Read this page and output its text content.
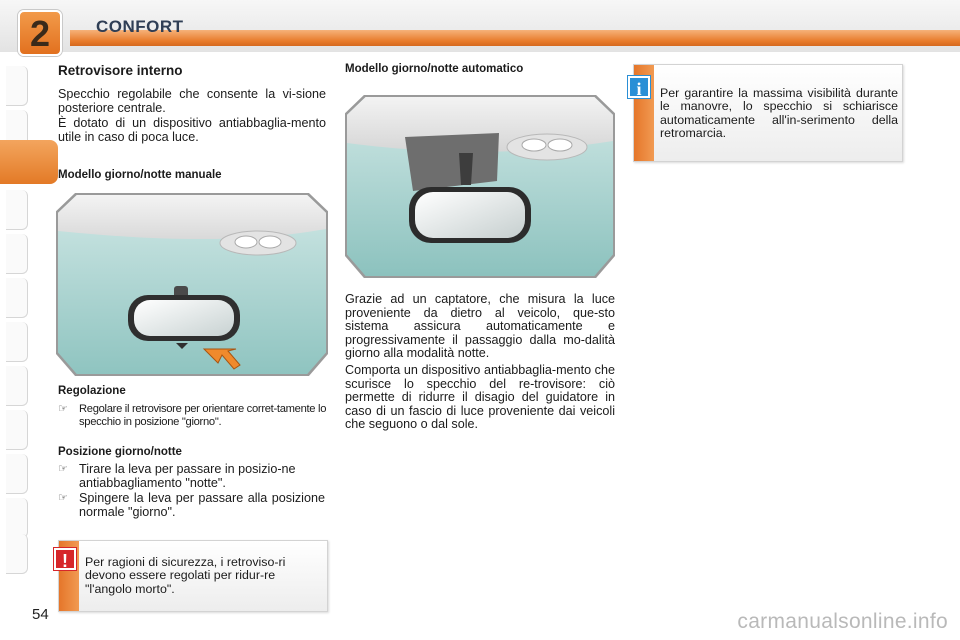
2	CONFORT
Retrovisore interno
Specchio regolabile che consente la vi-sione posteriore centrale.
È dotato di un dispositivo antiabbaglia-mento utile in caso di poca luce.
Modello giorno/notte manuale
Regolazione
☞ Regolare il retrovisore per orientare corret-tamente lo specchio in posizione "giorno".
Posizione giorno/notte
☞ Tirare la leva per passare in posizio-ne antiabbagliamento "notte".
☞ Spingere la leva per passare alla posizione normale "giorno".
Per ragioni di sicurezza, i retroviso-ri devono essere regolati per ridur-re "l'angolo morto".
!
Modello giorno/notte automatico
Grazie ad un captatore, che misura la luce proveniente da dietro al veicolo, que-sto sistema assicura automaticamente e progressivamente il passaggio dalla mo-dalità giorno alla modalità notte.
Comporta un dispositivo antiabbaglia-mento che scurisce lo specchio del re-trovisore: ciò permette di ridurre il disagio del guidatore in caso di un fascio di luce proveniente dai veicoli che seguono o dal sole.
Per garantire la massima visibilità durante le manovre, lo specchio si schiarisce automaticamente all'in-serimento della retromarcia.
i
54	carmanualsonline.info
